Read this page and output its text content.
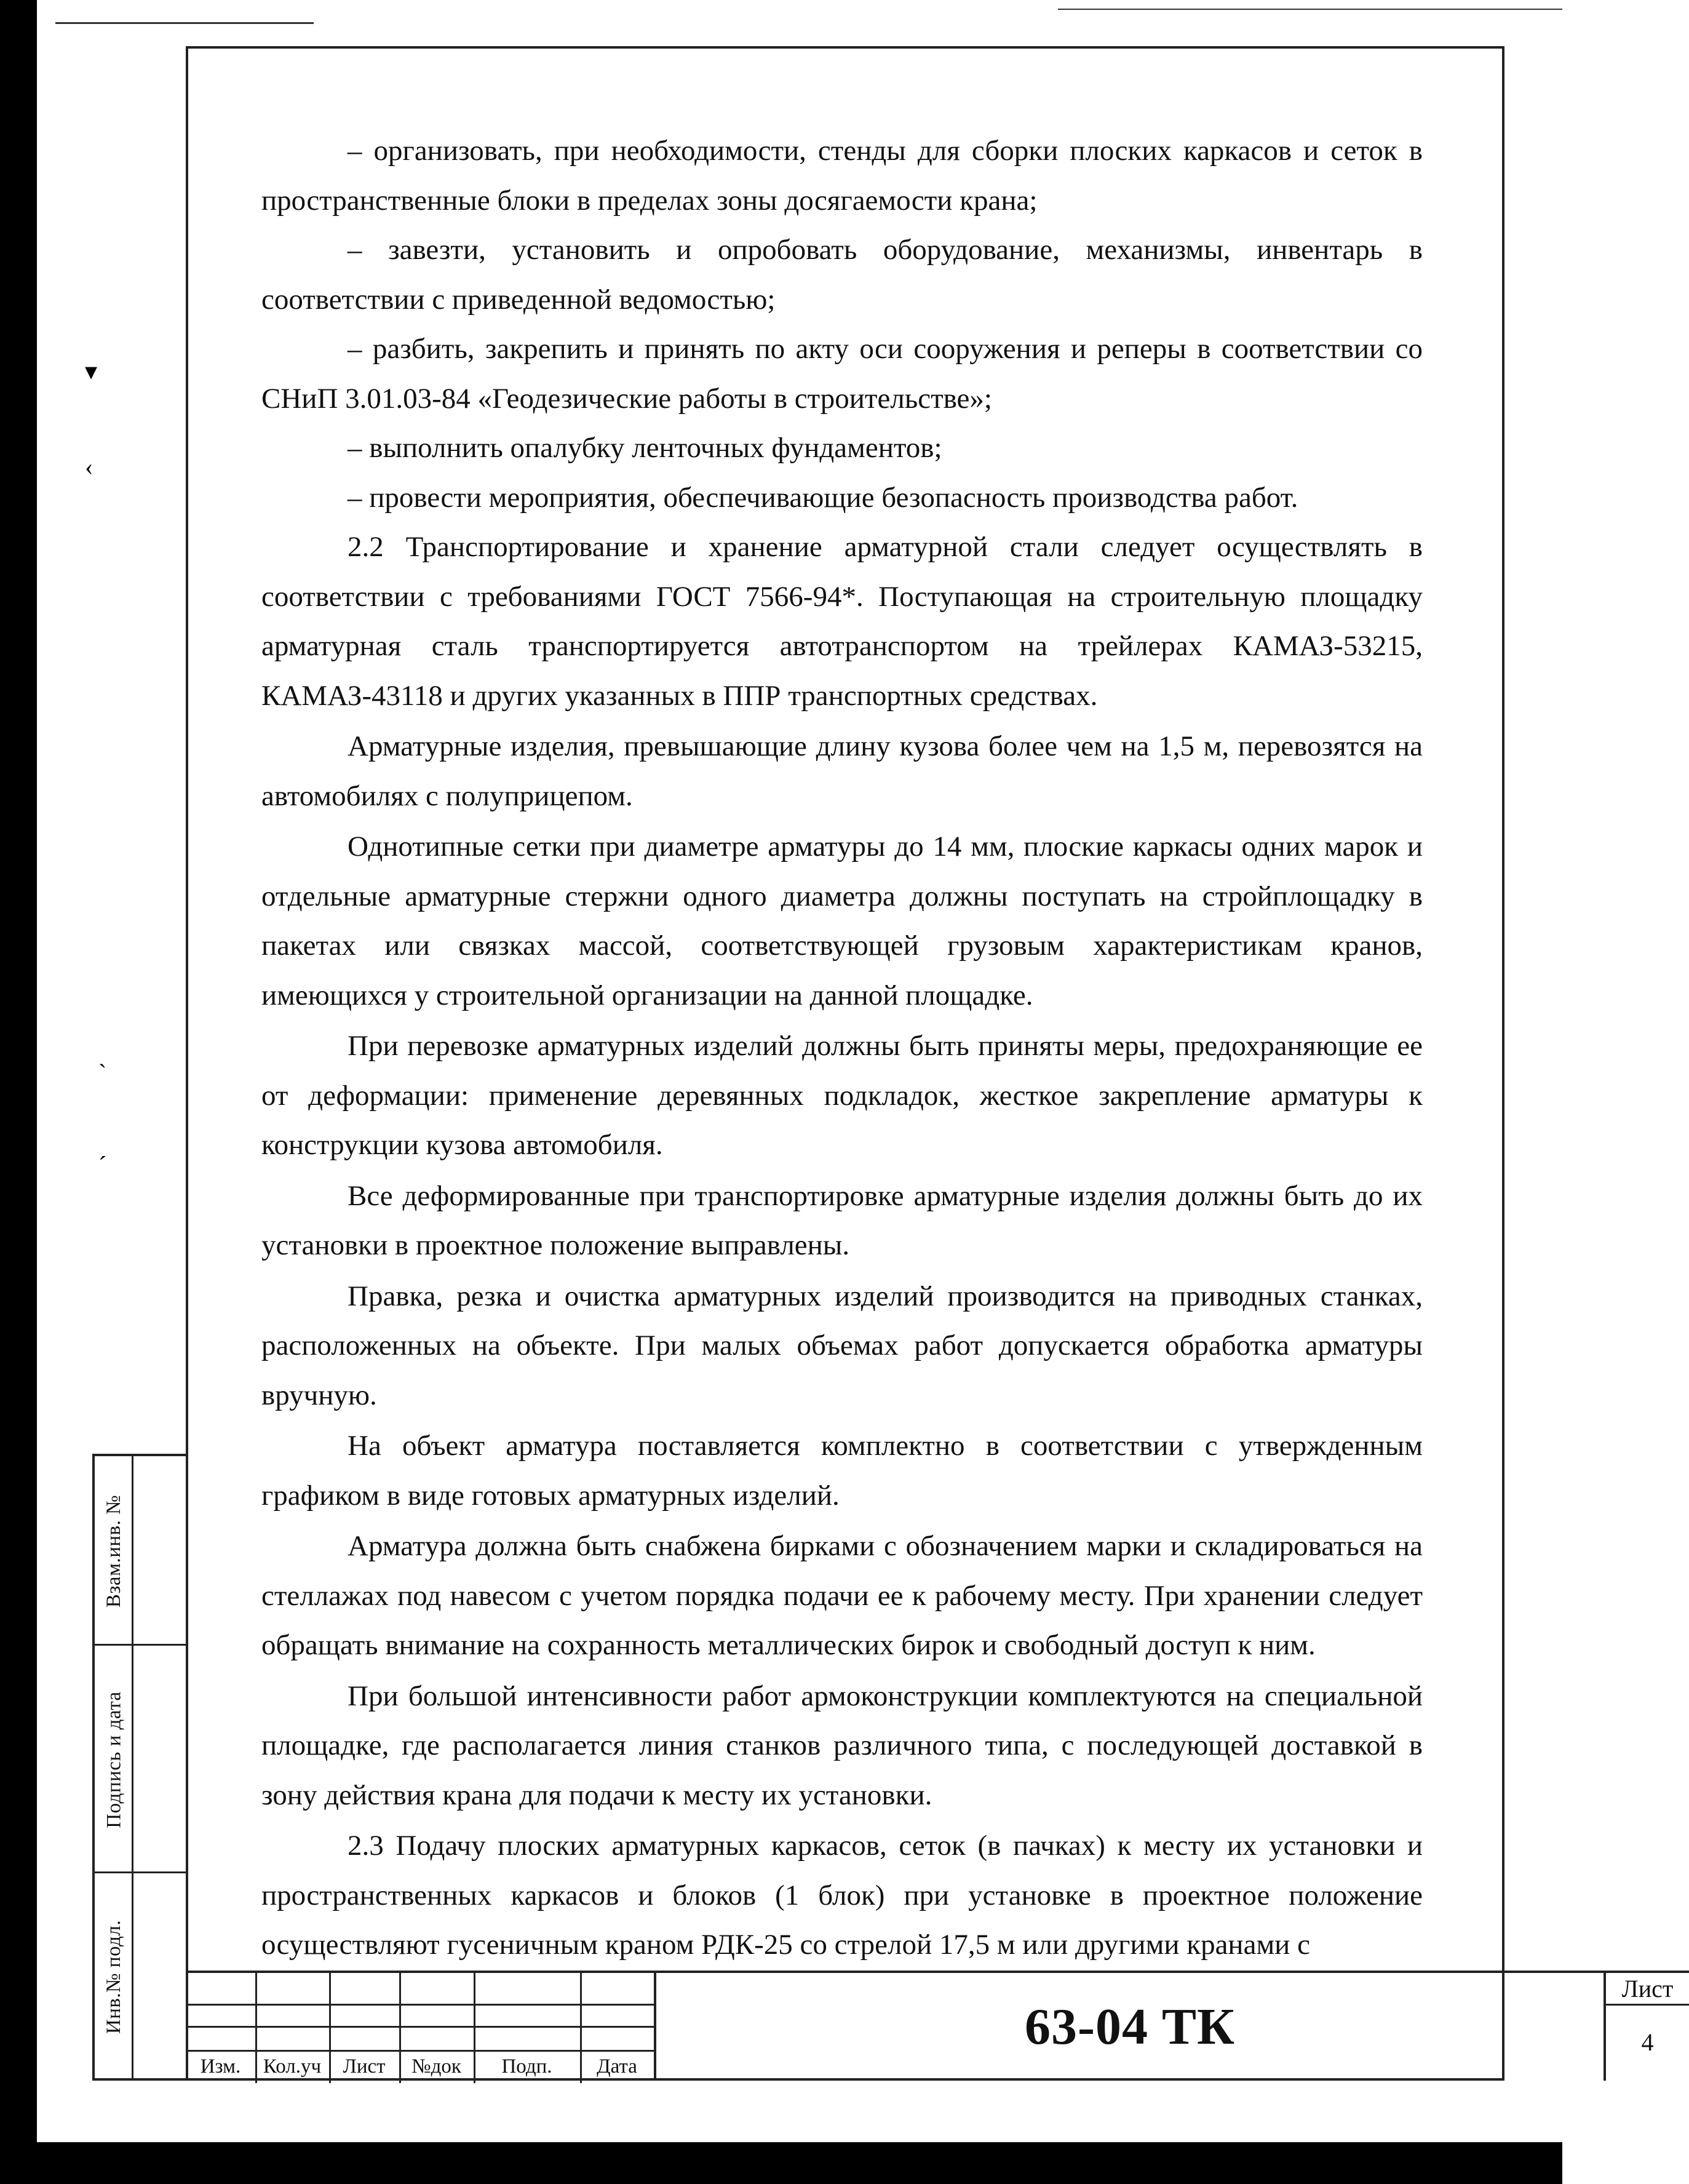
▾
‹
ˎ
ˊ
Взам.инв. №
Подпись и дата
Инв.№ подл.

– организовать, при необходимости, стенды для сборки плоских каркасов и сеток в пространственные блоки в пределах зоны досягаемости крана;

– завезти, установить и опробовать оборудование, механизмы, инвентарь в соответствии с приведенной ведомостью;

– разбить, закрепить и принять по акту оси сооружения и реперы в соответствии со СНиП 3.01.03-84 «Геодезические работы в строительстве»;

– выполнить опалубку ленточных фундаментов;

– провести мероприятия, обеспечивающие безопасность производства работ.

2.2 Транспортирование и хранение арматурной стали следует осуществлять в соответствии с требованиями ГОСТ 7566-94*. Поступающая на строительную площадку арматурная сталь транспортируется автотранспортом на трейлерах КАМАЗ-53215, КАМАЗ-43118 и других указанных в ППР транспортных средствах.

Арматурные изделия, превышающие длину кузова более чем на 1,5 м, перевозятся на автомобилях с полуприцепом.

Однотипные сетки при диаметре арматуры до 14 мм, плоские каркасы одних марок и отдельные арматурные стержни одного диаметра должны поступать на стройплощадку в пакетах или связках массой, соответствующей грузовым характеристикам кранов, имеющихся у строительной организации на данной площадке.

При перевозке арматурных изделий должны быть приняты меры, предохраняющие ее от деформации: применение деревянных подкладок, жесткое закрепление арматуры к конструкции кузова автомобиля.

Все деформированные при транспортировке арматурные изделия должны быть до их установки в проектное положение выправлены.

Правка, резка и очистка арматурных изделий производится на приводных станках, расположенных на объекте. При малых объемах работ допускается обработка арматуры вручную.

На объект арматура поставляется комплектно в соответствии с утвержденным графиком в виде готовых арматурных изделий.

Арматура должна быть снабжена бирками с обозначением марки и складироваться на стеллажах под навесом с учетом порядка подачи ее к рабочему месту. При хранении следует обращать внимание на сохранность металлических бирок и свободный доступ к ним.

При большой интенсивности работ армоконструкции комплектуются на специальной площадке, где располагается линия станков различного типа, с последующей доставкой в зону действия крана для подачи к месту их установки.

2.3 Подачу плоских арматурных каркасов, сеток (в пачках) к месту их установки и пространственных каркасов и блоков (1 блок) при установке в проектное положение осуществляют гусеничным краном РДК-25 со стрелой 17,5 м или другими кранами с

Изм.	Кол.уч	Лист	№док	Подп.	Дата
63-04 ТК
Лист
4
